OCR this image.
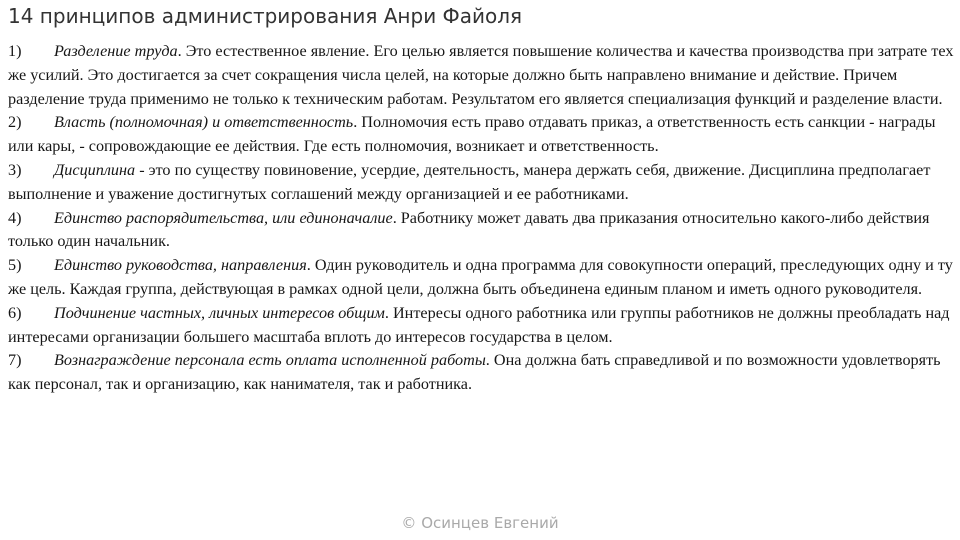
14 принципов администрирования Анри Файоля

1) Разделение труда. Это естественное явление. Его целью является повышение количества и качества производства при затрате тех же усилий. Это достигается за счет сокращения числа целей, на которые должно быть направлено внимание и действие. Причем разделение труда применимо не только к техническим работам. Результатом его является специализация функций и разделение власти.

2) Власть (полномочная) и ответственность. Полномочия есть право отдавать приказ, а ответственность есть санкции - награды или кары, - сопровождающие ее действия. Где есть полномочия, возникает и ответственность.

3) Дисциплина - это по существу повиновение, усердие, деятельность, манера держать себя, движение. Дисциплина предполагает выполнение и уважение достигнутых соглашений между организацией и ее работниками.

4) Единство распорядительства, или единоначалие. Работнику может давать два приказания относительно какого-либо действия только один начальник.

5) Единство руководства, направления. Один руководитель и одна программа для совокупности операций, преследующих одну и ту же цель. Каждая группа, действующая в рамках одной цели, должна быть объединена единым планом и иметь одного руководителя.

6) Подчинение частных, личных интересов общим. Интересы одного работника или группы работников не должны преобладать над интересами организации большего масштаба вплоть до интересов государства в целом.

7) Вознаграждение персонала есть оплата исполненной работы. Она должна бать справедливой и по возможности удовлетворять как персонал, так и организацию, как нанимателя, так и работника.

© Осинцев Евгений
